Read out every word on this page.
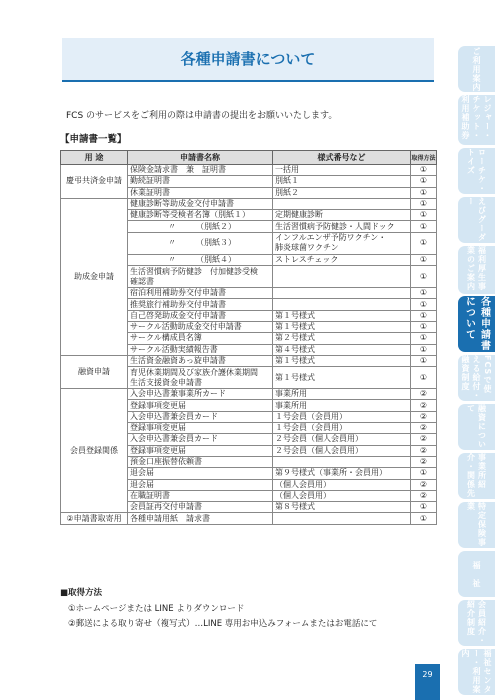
各種申請書について
FCS のサービスをご利用の際は申請書の提出をお願いいたします。
【申請書一覧】
用 途	申請書名称	様式番号など	取得方法
慶弔共済金申請	保険金請求書　兼　証明書	一括用	①
	勤続証明書	別紙１	①
	休業証明書	別紙２	①
助成金申請	健康診断等助成金交付申請書		①
	健康診断等受検者名簿（別紙１）	定期健康診断	①
	〃　　　（別紙２）	生活習慣病予防健診・人間ドック	①
	〃　　　（別紙３）	インフルエンザ予防ワクチン・
肺炎球菌ワクチン	①
	〃　　　（別紙４）	ストレスチェック	①
	生活習慣病予防健診　付加健診受検
確認書		①
	宿泊利用補助券交付申請書		①
	推奨旅行補助券交付申請書		①
	自己啓発助成金交付申請書	第１号様式	①
	サークル活動助成金交付申請書	第１号様式	①
	サークル構成員名簿	第２号様式	①
	サークル活動実績報告書	第４号様式	①
融資申請	生活資金融資あっ旋申請書	第１号様式	①
	育児休業期間及び家族介護休業期間
生活支援資金申請書	第１号様式	①
会員登録関係	入会申込書兼事業所カード	事業所用	②
	登録事項変更届	事業所用	②
	入会申込書兼会員カード	１号会員（会員用）	②
	登録事項変更届	１号会員（会員用）	②
	入会申込書兼会員カード	２号会員（個人会員用）	②
	登録事項変更届	２号会員（個人会員用）	②
	預金口座振替依頼書		②
	退会届	第９号様式（事業所・会員用）	①
	退会届	（個人会員用）	②
	在職証明書	（個人会員用）	②
	会員証再交付申請書	第８号様式	①
②申請書取寄用	各種申請用紙　請求書		①
■取得方法
①ホームページまたは LINE よりダウンロード
②郵送による取り寄せ（複写式）…LINE 専用お申込みフォームまたはお電話にて
29
ご利用案内
レジャー・チケット・利用補助券
ローチケ・トイズ
えびグーダー
福利厚生事業のご案内
各種申請書について
FCSで使える給付・融資制度
融資について
事業所紹介・関係先
特定保険事業
福　祉
会員紹介・紹介制度
福祉センター・利用案内
